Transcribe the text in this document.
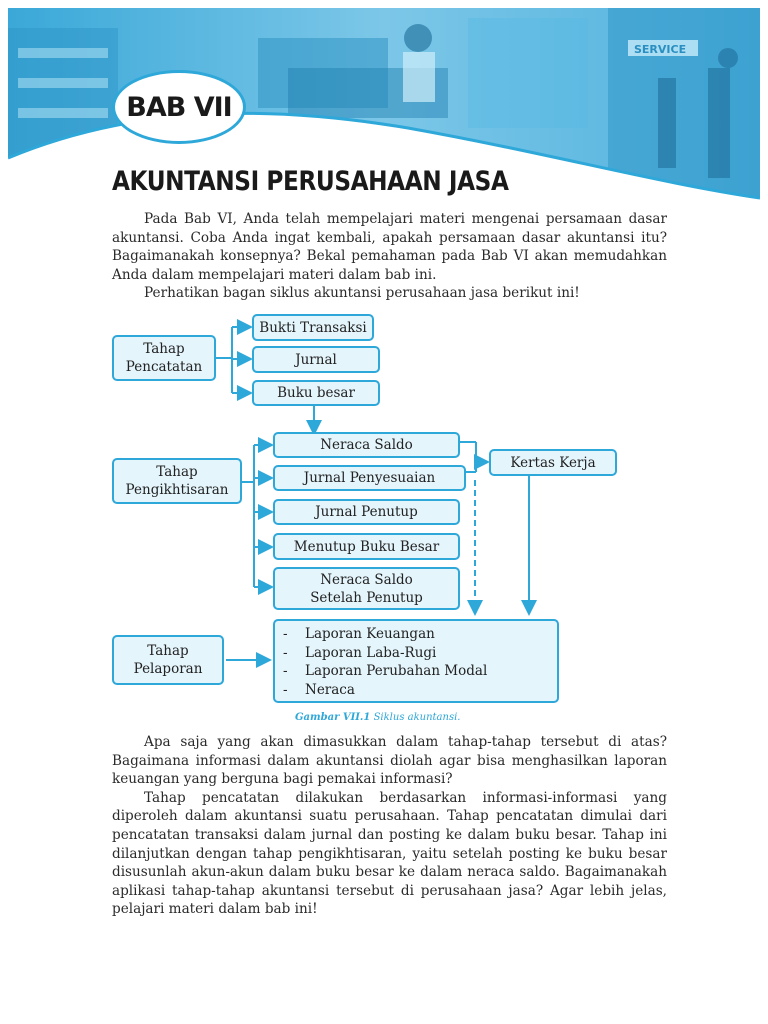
SERVICE
BAB VII
AKUNTANSI PERUSAHAAN JASA

Pada Bab VI, Anda telah mempelajari materi mengenai persamaan dasar akuntansi. Coba Anda ingat kembali, apakah persamaan dasar akuntansi itu? Bagaimanakah konsepnya? Bekal pemahaman pada Bab VI akan memudahkan Anda dalam mempelajari materi dalam bab ini.

Perhatikan bagan siklus akuntansi perusahaan jasa berikut ini!

Tahap
Pencatatan
Tahap
Pengikhtisaran
Tahap
Pelaporan
Bukti Transaksi
Jurnal
Buku besar
Neraca Saldo
Jurnal Penyesuaian
Jurnal Penutup
Menutup Buku Besar
Neraca Saldo
Setelah Penutup
Kertas Kerja
- Laporan Keuangan
- Laporan Laba-Rugi
- Laporan Perubahan Modal
- Neraca
Gambar VII.1 Siklus akuntansi.

Apa saja yang akan dimasukkan dalam tahap-tahap tersebut di atas? Bagaimana informasi dalam akuntansi diolah agar bisa menghasilkan laporan keuangan yang berguna bagi pemakai informasi?

Tahap pencatatan dilakukan berdasarkan informasi-informasi yang diperoleh dalam akuntansi suatu perusahaan. Tahap pencatatan dimulai dari pencatatan transaksi dalam jurnal dan posting ke dalam buku besar. Tahap ini dilanjutkan dengan tahap pengikhtisaran, yaitu setelah posting ke buku besar disusunlah akun-akun dalam buku besar ke dalam neraca saldo. Bagaimanakah aplikasi tahap-tahap akuntansi tersebut di perusahaan jasa? Agar lebih jelas, pelajari materi dalam bab ini!
